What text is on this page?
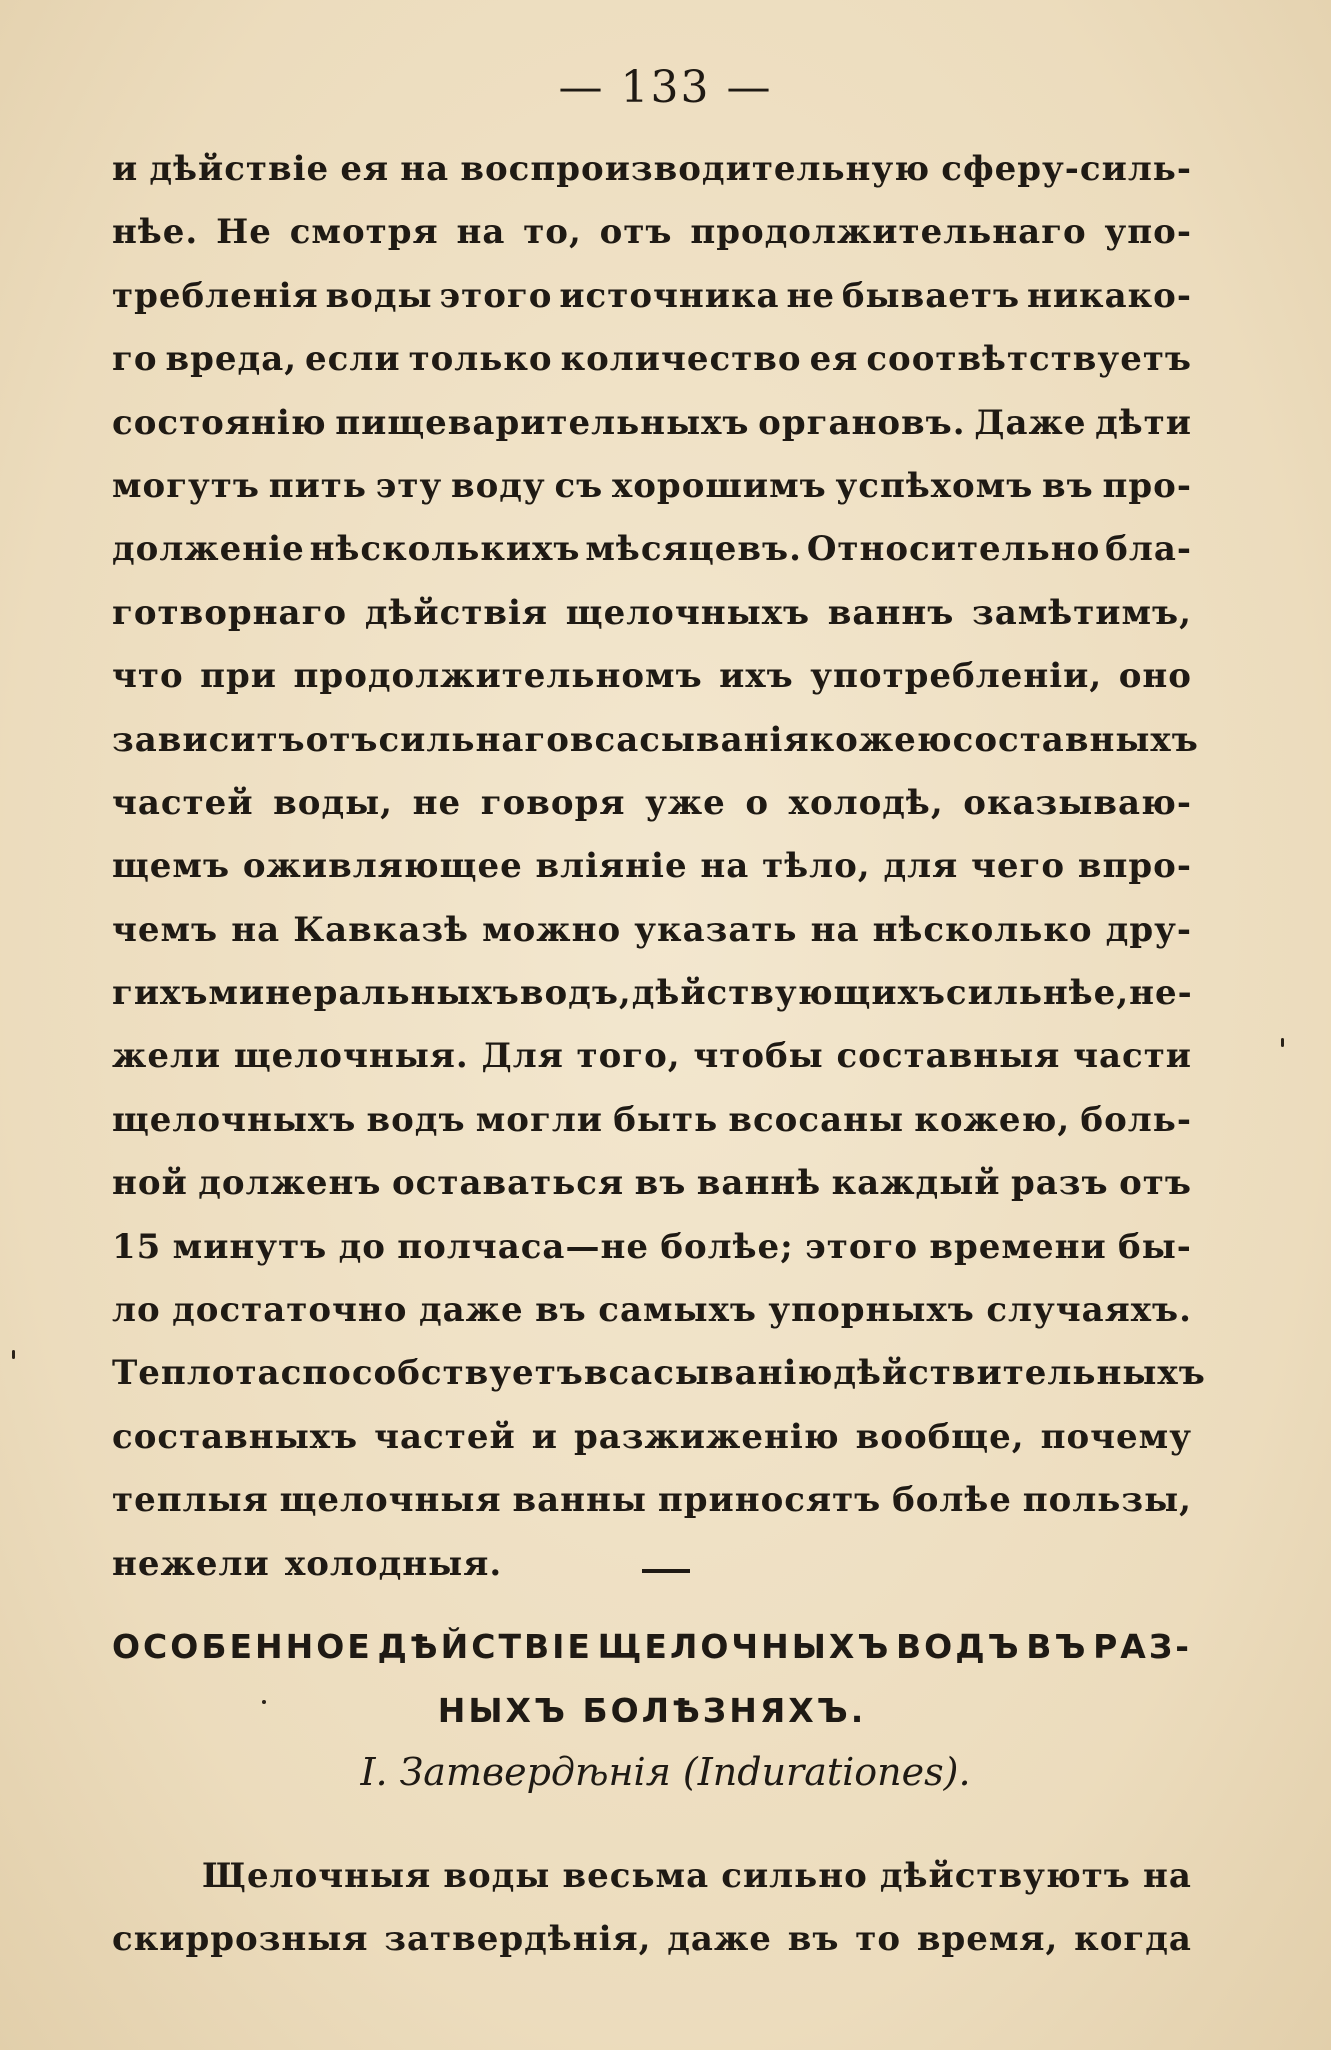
— 133 —
и дѣйствіе ея на воспроизводительную сферу-силь-
нѣе. Не смотря на то, отъ продолжительнаго упо-
требленія воды этого источника не бываетъ никако-
го вреда, если только количество ея соотвѣтствуетъ
состоянію пищеварительныхъ органовъ. Даже дѣти
могутъ пить эту воду съ хорошимъ успѣхомъ въ про-
долженіе нѣсколькихъ мѣсяцевъ. Относительно бла-
готворнаго дѣйствія щелочныхъ ваннъ замѣтимъ,
что при продолжительномъ ихъ употребленіи, оно
зависитъ отъ сильнаго всасыванія кожею составныхъ
частей воды, не говоря уже о холодѣ, оказываю-
щемъ оживляющее вліяніе на тѣло, для чего впро-
чемъ на Кавказѣ можно указать на нѣсколько дру-
гихъ минеральныхъ водъ, дѣйствующихъ сильнѣе, не-
жели щелочныя. Для того, чтобы составныя части
щелочныхъ водъ могли быть всосаны кожею, боль-
ной долженъ оставаться въ ваннѣ каждый разъ отъ
15 минутъ до полчаса—не болѣе; этого времени бы-
ло достаточно даже въ самыхъ упорныхъ случаяхъ.
Теплота способствуетъ всасыванію дѣйствительныхъ
составныхъ частей и разжиженію вообще, почему
теплыя щелочныя ванны приносятъ болѣе пользы,
нежели холодныя.
ОСОБЕННОЕ ДѢЙСТВІЕ ЩЕЛОЧНЫХЪ ВОДЪ ВЪ РАЗ-
НЫХЪ БОЛѢЗНЯХЪ.
I. Затвердѣнія (Indurationes).
Щелочныя воды весьма сильно дѣйствуютъ на
скиррозныя затвердѣнія, даже въ то время, когда
